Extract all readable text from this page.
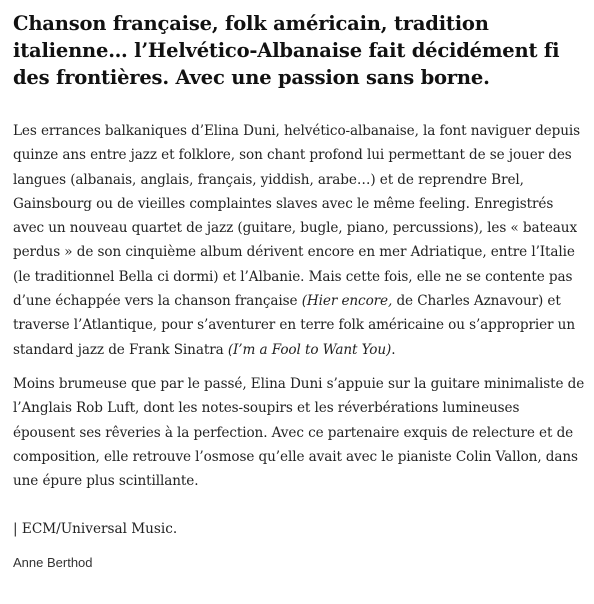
Chanson française, folk américain, tradition italienne… l’Helvético-Albanaise fait décidément fi des frontières. Avec une passion sans borne.

Les errances balkaniques d’Elina Duni, helvético-albanaise, la font naviguer depuis quinze ans entre jazz et folklore, son chant profond lui permettant de se jouer des langues (albanais, anglais, français, yiddish, arabe…) et de reprendre Brel, Gainsbourg ou de vieilles complaintes slaves avec le même feeling. Enregistrés avec un nouveau quartet de jazz (guitare, bugle, piano, percussions), les « bateaux perdus » de son cinquième album dérivent encore en mer Adriatique, entre l’Italie (le traditionnel Bella ci dormi) et l’Albanie. Mais cette fois, elle ne se contente pas d’une échappée vers la chanson française (Hier encore, de Charles Aznavour) et traverse l’Atlantique, pour s’aventurer en terre folk américaine ou s’approprier un standard jazz de Frank Sinatra (I’m a Fool to Want You).

Moins brumeuse que par le passé, Elina Duni s’appuie sur la guitare minimaliste de l’Anglais Rob Luft, dont les notes-soupirs et les réverbérations lumineuses épousent ses rêveries à la perfection. Avec ce partenaire exquis de relecture et de composition, elle retrouve l’osmose qu’elle avait avec le pianiste Colin Vallon, dans une épure plus scintillante.

| ECM/Universal Music.

Anne Berthod
